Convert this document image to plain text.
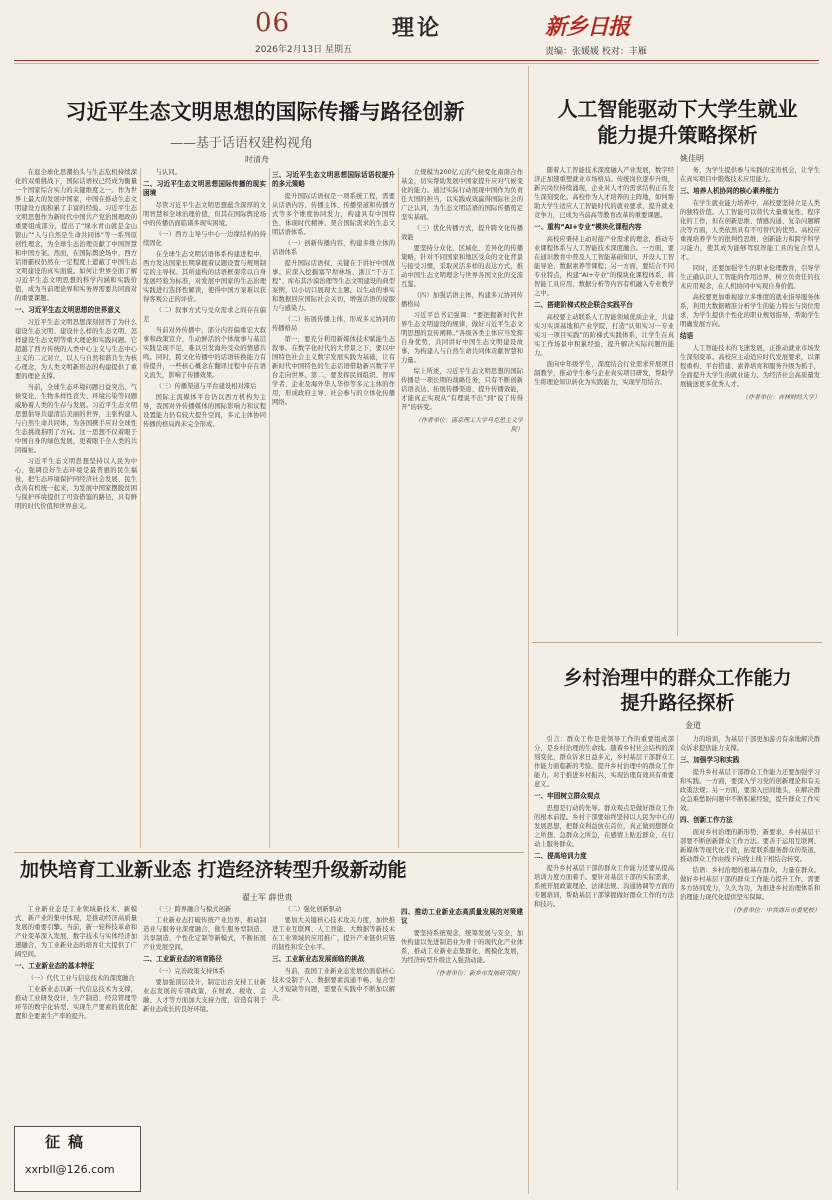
06
2026年2月13日 星期五
理论	新乡日报
责编：张媛媛 校对：丰雁
习近平生态文明思想的国际传播与路径创新
——基于话语权建构视角
时清舟

在退全球化思潮抬头与生态危机持续深化的双重挑战下，国际话语权已经成为衡量一个国家综合实力的关键维度之一。作为世界上最大的发展中国家，中国在推动生态文明建设方面积累了丰富的经验。习近平生态文明思想作为新时代中国共产党治国理政的重要组成部分，提出了“绿水青山就是金山银山”“人与自然是生命共同体”等一系列原创性理念，为全球生态治理贡献了中国智慧和中国方案。然而，在国际舆论场中，西方话语霸权仍然在一定程度上遮蔽了中国生态文明建设的真实面貌。如何让世界全面了解习近平生态文明思想的科学内涵和实践价值，成为当前理论界和实务界需要共同面对的重要课题。

一、习近平生态文明思想的世界意义

习近平生态文明思想深刻回答了为什么建设生态文明、建设什么样的生态文明、怎样建设生态文明等重大理论和实践问题。它超越了西方传统的人类中心主义与生态中心主义的二元对立，以人与自然和谐共生为核心理念，为人类文明新形态的构建提供了重要的理论支撑。

当前，全球生态环境问题日益突出，气候变化、生物多样性丧失、环境污染等问题威胁着人类的生存与发展。习近平生态文明思想倡导共建清洁美丽的世界，主张构建人与自然生命共同体，为各国携手应对全球性生态挑战指明了方向。这一思想不仅着眼于中国自身的绿色发展，更着眼于全人类的共同福祉。

习近平生态文明思想坚持以人民为中心，强调良好生态环境是最普惠的民生福祉，把生态环境保护同经济社会发展、民生改善有机统一起来，为发展中国家摆脱贫困与保护环境提供了可资借鉴的路径，具有鲜明的时代价值和世界意义。

与认同。

二、习近平生态文明思想国际传播的现实困境

尽管习近平生态文明思想蕴含深厚的文明智慧和全球治理价值，但其在国际舆论场中的传播仍面临诸多现实困境。

（一）西方主导与中心一边缘结构的持续固化

在全球生态文明话语体系构建进程中，西方发达国家长期掌握着议题设置与规则制定的主导权。其所建构的话语框架常以自身发展经验为标准，对发展中国家的生态治理实践进行选择性解读，使得中国方案难以获得客观公正的评价。

（二）叙事方式与受众需求之间存在偏差

当前对外传播中，部分内容偏重宏大叙事和政策宣介，生动鲜活的个体故事与基层实践呈现不足，难以引发海外受众的情感共鸣。同时，跨文化传播中的话语转换能力有待提升，一些核心概念在翻译过程中存在语义流失，影响了传播效果。

（三）传播渠道与平台建设相对滞后

国际主流媒体平台仍以西方机构为主导，我国对外传播媒体的国际影响力和议程设置能力仍有较大提升空间，多元主体协同传播的格局尚未完全形成。

三、习近平生态文明思想国际话语权提升的多元策略

提升国际话语权是一项系统工程，需要从话语内容、传播主体、传播渠道和传播方式等多个维度协同发力，构建具有中国特色、体现时代精神、契合国际需求的生态文明话语体系。

（一）创新传播内容，构建多维立体的话语体系

提升国际话语权，关键在于讲好中国故事。应深入挖掘塞罕坝林场、浙江“千万工程”、库布其沙漠治理等生态文明建设的典型案例，以小切口展现大主题，以生动的事实和数据回应国际社会关切，增强话语的说服力与感染力。

（二）拓展传播主体，形成多元协同的传播格局

第一，要充分利用新媒体技术赋能生态叙事。在数字化时代的大背景之下，要以中国特色社会主义数字发展实践为基础，让有新时代中国特色的生态话语借助新兴数字平台走向世界。第二，要发挥民间组织、智库学者、企业及海外华人华侨等多元主体的作用，形成政府主导、社会参与的立体化传播网络。

立规模为200亿元的气候变化南南合作基金，切实帮助发展中国家提升应对气候变化的能力。通过实际行动展现中国作为负责任大国的担当，以实践成效赢得国际社会的广泛认同，为生态文明话语的国际传播奠定坚实基础。

（三）优化传播方式，提升跨文化传播效能

要坚持分众化、区域化、差异化的传播策略，针对不同国家和地区受众的文化背景与接受习惯，采取灵活多样的表达方式，推动中国生态文明理念与世界各国文化的交流互鉴。

（四）加强话语主体，构建多元协同传播格局

习近平总书记强调：“要把握新时代世界生态文明建设的规律，做好习近平生态文明思想的宣传阐释。”各级各类主体应当发挥自身优势，共同讲好中国生态文明建设故事，为构建人与自然生命共同体贡献智慧和力量。

综上所述，习近平生态文明思想的国际传播是一项长期的战略任务，只有不断创新话语表达、拓展传播渠道、提升传播效能，才能真正实现从“有理说不出”到“说了传得开”的转变。

（作者单位：南京理工大学马克思主义学院）

人工智能驱动下大学生就业
能力提升策略探析
姚佳明

随着人工智能技术深度融入产业发展，数字经济正加速重塑就业市场格局。传统岗位逐步升级，新兴岗位持续涌现，企业对人才的需求结构正在发生深刻变化。高校作为人才培养的主阵地，如何帮助大学生适应人工智能时代的就业要求，提升就业竞争力，已成为当前高等教育改革的重要课题。

一、重构“AI+专业”模块化课程内容

高校应秉持主动对接产业需求的理念，推动专业课程体系与人工智能技术深度融合。一方面，要在通识教育中普及人工智能基础知识，开设人工智能导论、数据素养等课程；另一方面，要结合不同专业特点，构建“AI+专业”的模块化课程体系，将智能工具应用、数据分析等内容有机融入专业教学之中。

二、搭建阶梯式校企联合实践平台

高校要主动联系人工智能领域优质企业，共建实习实训基地和产业学院，打造“认知实习一专业实习一项目实践”的阶梯式实践体系，让学生在真实工作场景中积累经验，提升解决实际问题的能力。

面向中年级学生，深度结合行业需求开展项目制教学，推动学生参与企业真实项目研发，帮助学生将理论知识转化为实践能力，实现学用结合。

务，为学生提供参与实践的宝贵机会，让学生在真实项目中锻炼技术应用能力。

三、培养人机协同的核心素养能力

在学生就业能力培养中，高校要坚持立足人类的独特价值。人工智能可以替代大量重复性、程序化的工作，但在创新思维、情感沟通、复杂问题解决等方面，人类依然具有不可替代的优势。高校应重视培养学生的批判性思维、创新能力和跨学科学习能力，使其成为能够驾驭智能工具的复合型人才。

同时，还要加强学生的职业伦理教育，引导学生正确认识人工智能的作用边界，树立负责任的技术应用观念，在人机协同中实现自身价值。

高校要更加重视建立多维度的就业指导服务体系，利用大数据精准分析学生的能力特长与岗位需求，为学生提供个性化的职业规划指导，帮助学生明确发展方向。

结语

人工智能技术的飞速发展，正推动就业市场发生深刻变革。高校应主动适应时代发展要求，以课程重构、平台搭建、素养培育和服务升级为抓手，全面提升大学生的就业能力，为经济社会高质量发展输送更多优秀人才。

（作者单位：吉林财经大学）

乡村治理中的群众工作能力
提升路径探析
金道

引言：群众工作是党领导工作的重要组成部分，是乡村治理的生命线。随着乡村社会结构的深刻变化，群众诉求日益多元，乡村基层干部群众工作能力面临新的考验。提升乡村治理中的群众工作能力，对于推进乡村振兴、实现治理有效具有重要意义。

一、牢固树立群众观点

思想是行动的先导。群众观点是做好群众工作的根本前提。乡村干部要始终坚持以人民为中心的发展思想，把群众利益放在首位，真正做到想群众之所想、急群众之所急，在感情上贴近群众、在行动上服务群众。

二、提高培训力度

提升乡村基层干部的群众工作能力还要从提高培训力度方面着手。要针对基层干部的实际需求，系统开展政策理论、法律法规、沟通协调等方面的专题培训，帮助基层干部掌握做好群众工作的方法和技巧。

力的培训，为基层干部更加游刃有余地解决群众诉求提供能力支撑。

三、加强学习和实践

提升乡村基层干部群众工作能力还要加强学习和实践。一方面，要深入学习党的创新理论和有关政策法规；另一方面，要深入田间地头，在解决群众急难愁盼问题中不断积累经验，提升群众工作实效。

四、创新工作方法

面对乡村治理的新形势、新要求，乡村基层干部要不断创新群众工作方法。要善于运用互联网、新媒体等现代化手段，拓宽联系服务群众的渠道，推动群众工作由线下向线上线下相结合转变。

结语：乡村治理的根基在群众，力量在群众。做好乡村基层干部的群众工作能力提升工作，需要多方协同发力，久久为功，为推进乡村治理体系和治理能力现代化提供坚实保障。

（作者单位：中共商丘市委党校）

加快培育工业新业态 打造经济转型升级新动能
翟士军 薛世贵

工业新业态是工业领域新技术、新模式、新产业的集中体现，是推动经济高质量发展的重要引擎。当前，新一轮科技革命和产业变革深入发展，数字技术与实体经济加速融合，为工业新业态的培育壮大提供了广阔空间。

一、工业新业态的基本特征

（一）代代工业与信息技术的深度融合

工业新业态以新一代信息技术为支撑，推动工业研发设计、生产制造、经营管理等环节的数字化转型，实现生产要素的优化配置和全要素生产率的提升。

（三）跨界融合与模式创新

工业新业态打破传统产业边界，推动制造业与服务业深度融合，催生服务型制造、共享制造、个性化定制等新模式，不断拓展产业发展空间。

二、工业新业态的培育路径

（一）完善政策支持体系

要加强顶层设计，制定出台支持工业新业态发展的专项政策，在财政、税收、金融、人才等方面加大支持力度，营造有利于新业态成长的良好环境。

（二）强化创新驱动

要加大关键核心技术攻关力度，加快推进工业互联网、人工智能、大数据等新技术在工业领域的应用推广，提升产业链供应链的韧性和安全水平。

三、工业新业态发展面临的挑战

当前，我国工业新业态发展仍面临核心技术受制于人、数据要素流通不畅、复合型人才短缺等问题，需要在实践中不断加以解决。

四、推动工业新业态高质量发展的对策建议

要坚持系统观念，统筹发展与安全，加快构建以先进制造业为骨干的现代化产业体系，推动工业新业态集群化、规模化发展，为经济转型升级注入强劲动能。

（作者单位：新乡市发展研究院）

征稿
xxrbll@126.com
